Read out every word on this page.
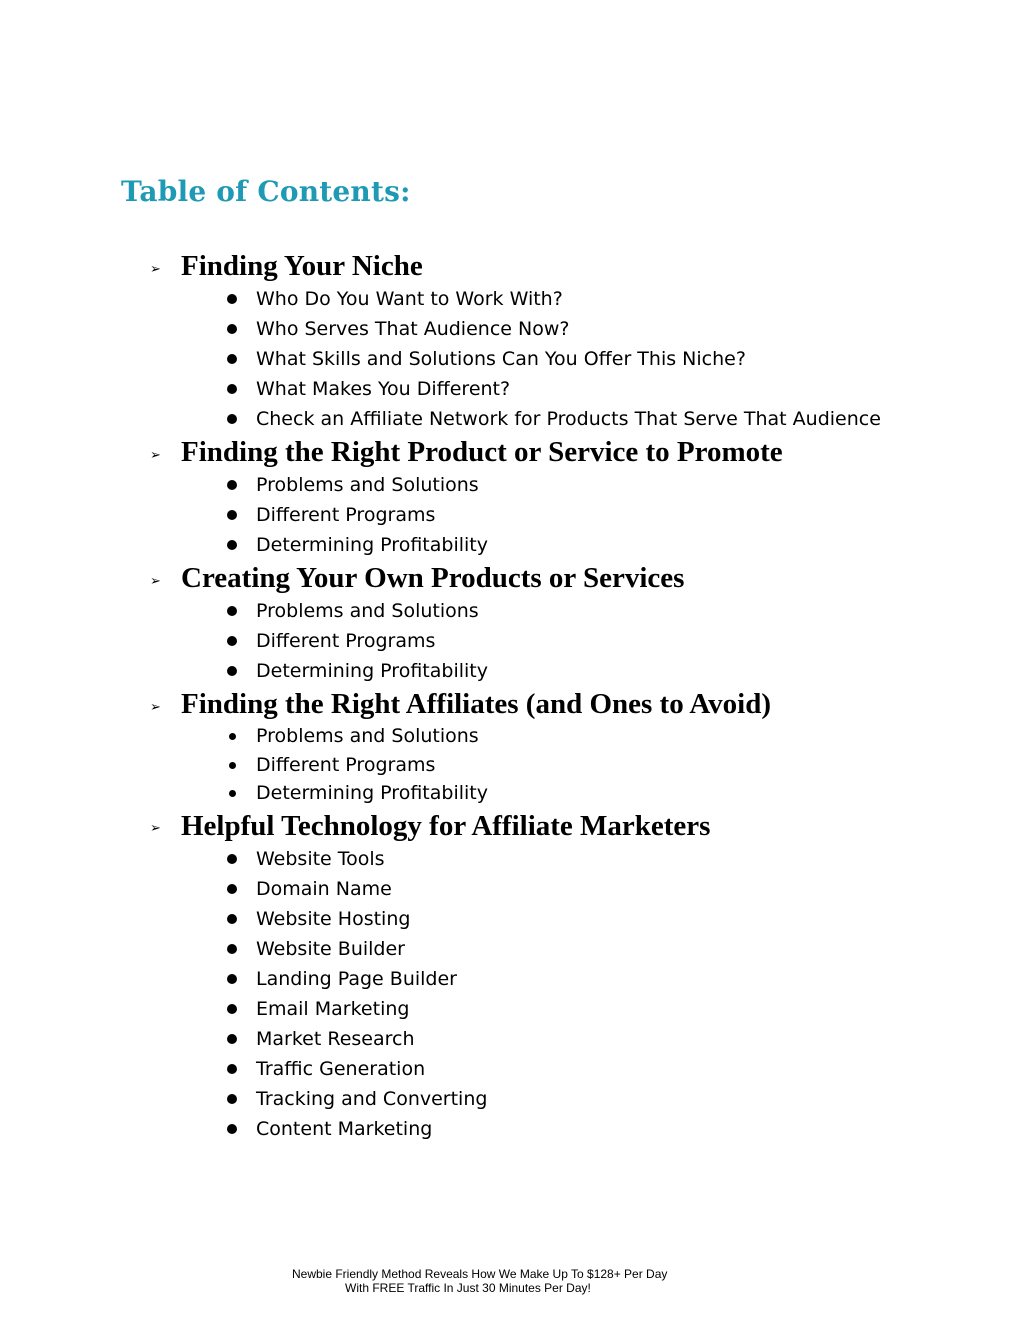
Table of Contents:
➢ Finding Your Niche
Who Do You Want to Work With?
Who Serves That Audience Now?
What Skills and Solutions Can You Offer This Niche?
What Makes You Different?
Check an Affiliate Network for Products That Serve That Audience
➢ Finding the Right Product or Service to Promote
Problems and Solutions
Different Programs
Determining Profitability
➢ Creating Your Own Products or Services
Problems and Solutions
Different Programs
Determining Profitability
➢ Finding the Right Affiliates (and Ones to Avoid)
Problems and Solutions
Different Programs
Determining Profitability
➢ Helpful Technology for Affiliate Marketers
Website Tools
Domain Name
Website Hosting
Website Builder
Landing Page Builder
Email Marketing
Market Research
Traffic Generation
Tracking and Converting
Content Marketing
Newbie Friendly Method Reveals How We Make Up To $128+ Per Day
With FREE Traffic In Just 30 Minutes Per Day!
